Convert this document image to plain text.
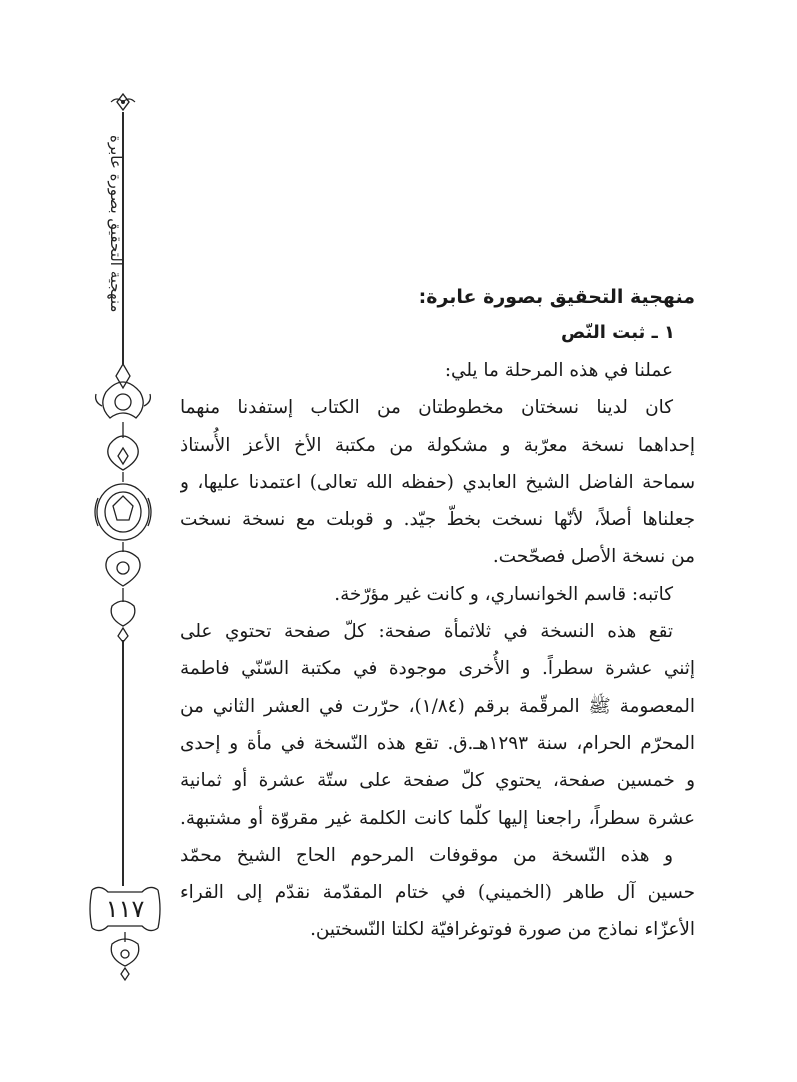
منهجية التحقيق بصورة عابرة
١١٧
منهجية التحقيق بصورة عابرة:
١ ـ ثبت النّص
عملنا في هذه المرحلة ما يلي:
كان لدينا نسختان مخطوطتان من الكتاب إستفدنا منهما
إحداهما نسخة معرّبة و مشكولة من مكتبة الأخ الأعز الأُستاذ
سماحة الفاضل الشيخ العابدي (حفظه الله تعالى) اعتمدنا عليها، و
جعلناها أصلاً، لأنّها نسخت بخطّ جيّد. و قوبلت مع نسخة نسخت
من نسخة الأصل فصحّحت.
كاتبه: قاسم الخوانساري، و كانت غير مؤرّخة.
تقع هذه النسخة في ثلاثمأة صفحة: كلّ صفحة تحتوي على
إثني عشرة سطراً. و الأُخرى موجودة في مكتبة السّنّي فاطمة
المعصومة ﷺ المرقّمة برقم (١/٨٤)، حرّرت في العشر الثاني من
المحرّم الحرام، سنة ١٢٩٣هـ.ق. تقع هذه النّسخة في مأة و إحدى
و خمسين صفحة، يحتوي كلّ صفحة على ستّة عشرة أو ثمانية
عشرة سطراً، راجعنا إليها كلّما كانت الكلمة غير مقروّة أو مشتبهة.
و هذه النّسخة من موقوفات المرحوم الحاج الشيخ محمّد
حسين آل طاهر (الخميني) في ختام المقدّمة نقدّم إلى القراء
الأعزّاء نماذج من صورة فوتوغرافيّة لكلتا النّسختين.
